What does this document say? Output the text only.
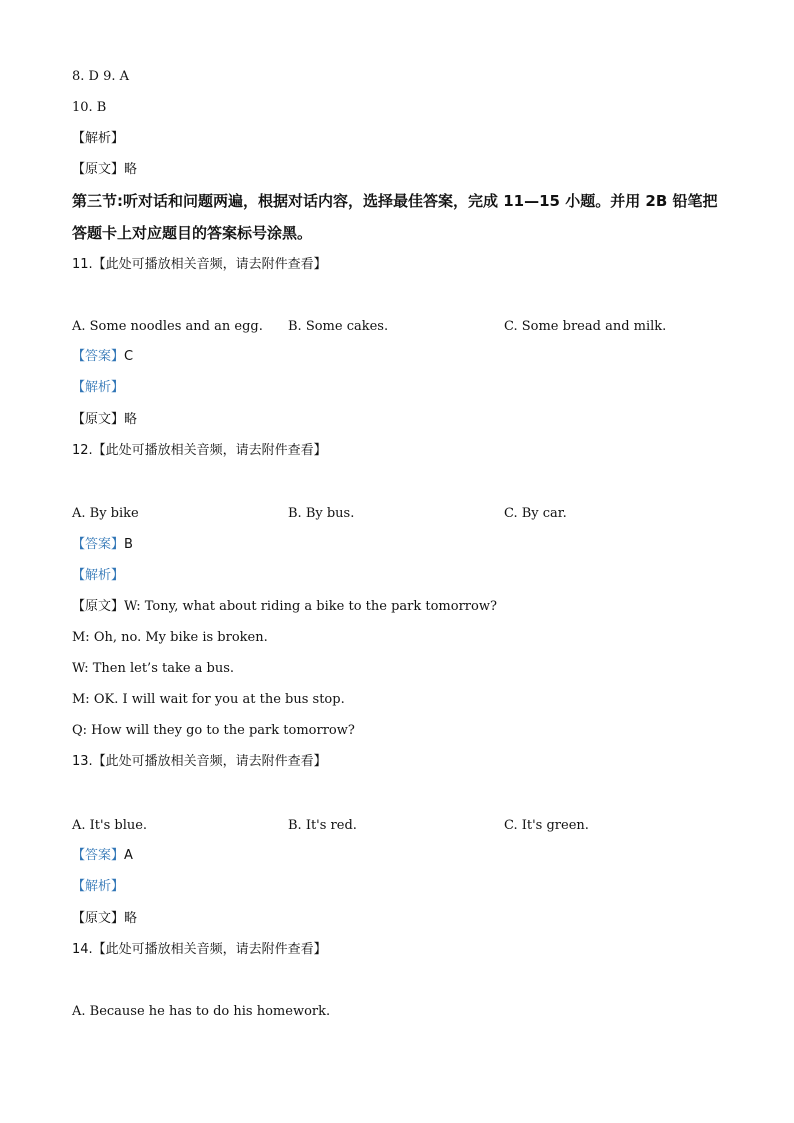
8. D 9. A
10. B
【解析】
【原文】略
第三节:听对话和问题两遍，根据对话内容，选择最佳答案，完成 11—15 小题。并用 2B 铅笔把
答题卡上对应题目的答案标号涂黑。
11.【此处可播放相关音频，请去附件查看】
A. Some noodles and an egg. B. Some cakes.	C. Some bread and milk.
【答案】C
【解析】
【原文】略
12.【此处可播放相关音频，请去附件查看】
A. By bike	B. By bus.	C. By car.
【答案】B
【解析】
【原文】W: Tony, what about riding a bike to the park tomorrow?
M: Oh, no. My bike is broken.
W: Then let’s take a bus.
M: OK. I will wait for you at the bus stop.
Q: How will they go to the park tomorrow?
13.【此处可播放相关音频，请去附件查看】
A. It's blue.	B. It's red.	C. It's green.
【答案】A
【解析】
【原文】略
14.【此处可播放相关音频，请去附件查看】
A. Because he has to do his homework.
